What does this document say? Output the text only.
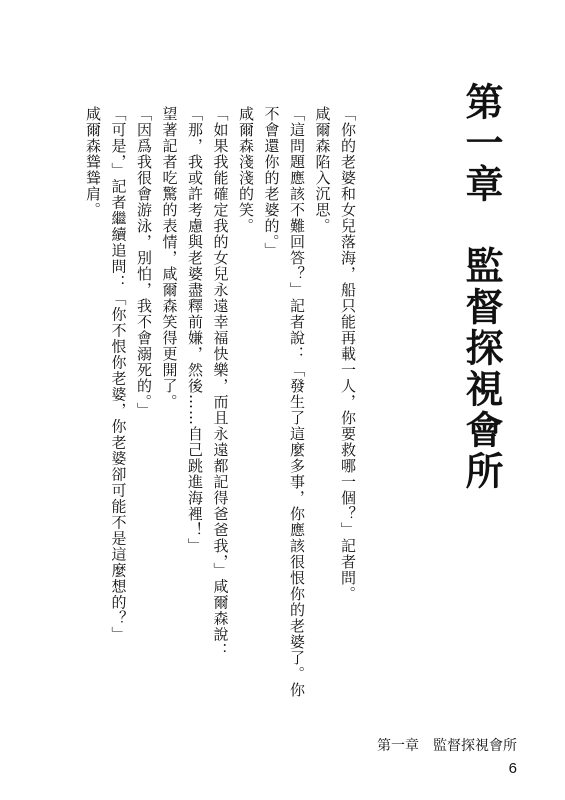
第一章　監督探視會所

「你的老婆和女兒落海，船只能再載一人，你要救哪一個？」記者問。

咸爾森陷入沉思。

「這問題應該不難回答？」記者說：「發生了這麼多事，你應該很恨你的老婆了。你不會還你的老婆的。」

咸爾森淺淺的笑。

「如果我能確定我的女兒永遠幸福快樂，而且永遠都記得爸爸我，」咸爾森說：「那，我或許考慮與老婆盡釋前嫌，然後……自己跳進海裡！」

望著記者吃驚的表情，咸爾森笑得更開了。

「因爲我很會游泳，別怕，我不會溺死的。」

「可是，」記者繼續追問：「你不恨你老婆，你老婆卻可能不是這麼想的？」

咸爾森聳聳肩。

第一章　監督探視會所
6
